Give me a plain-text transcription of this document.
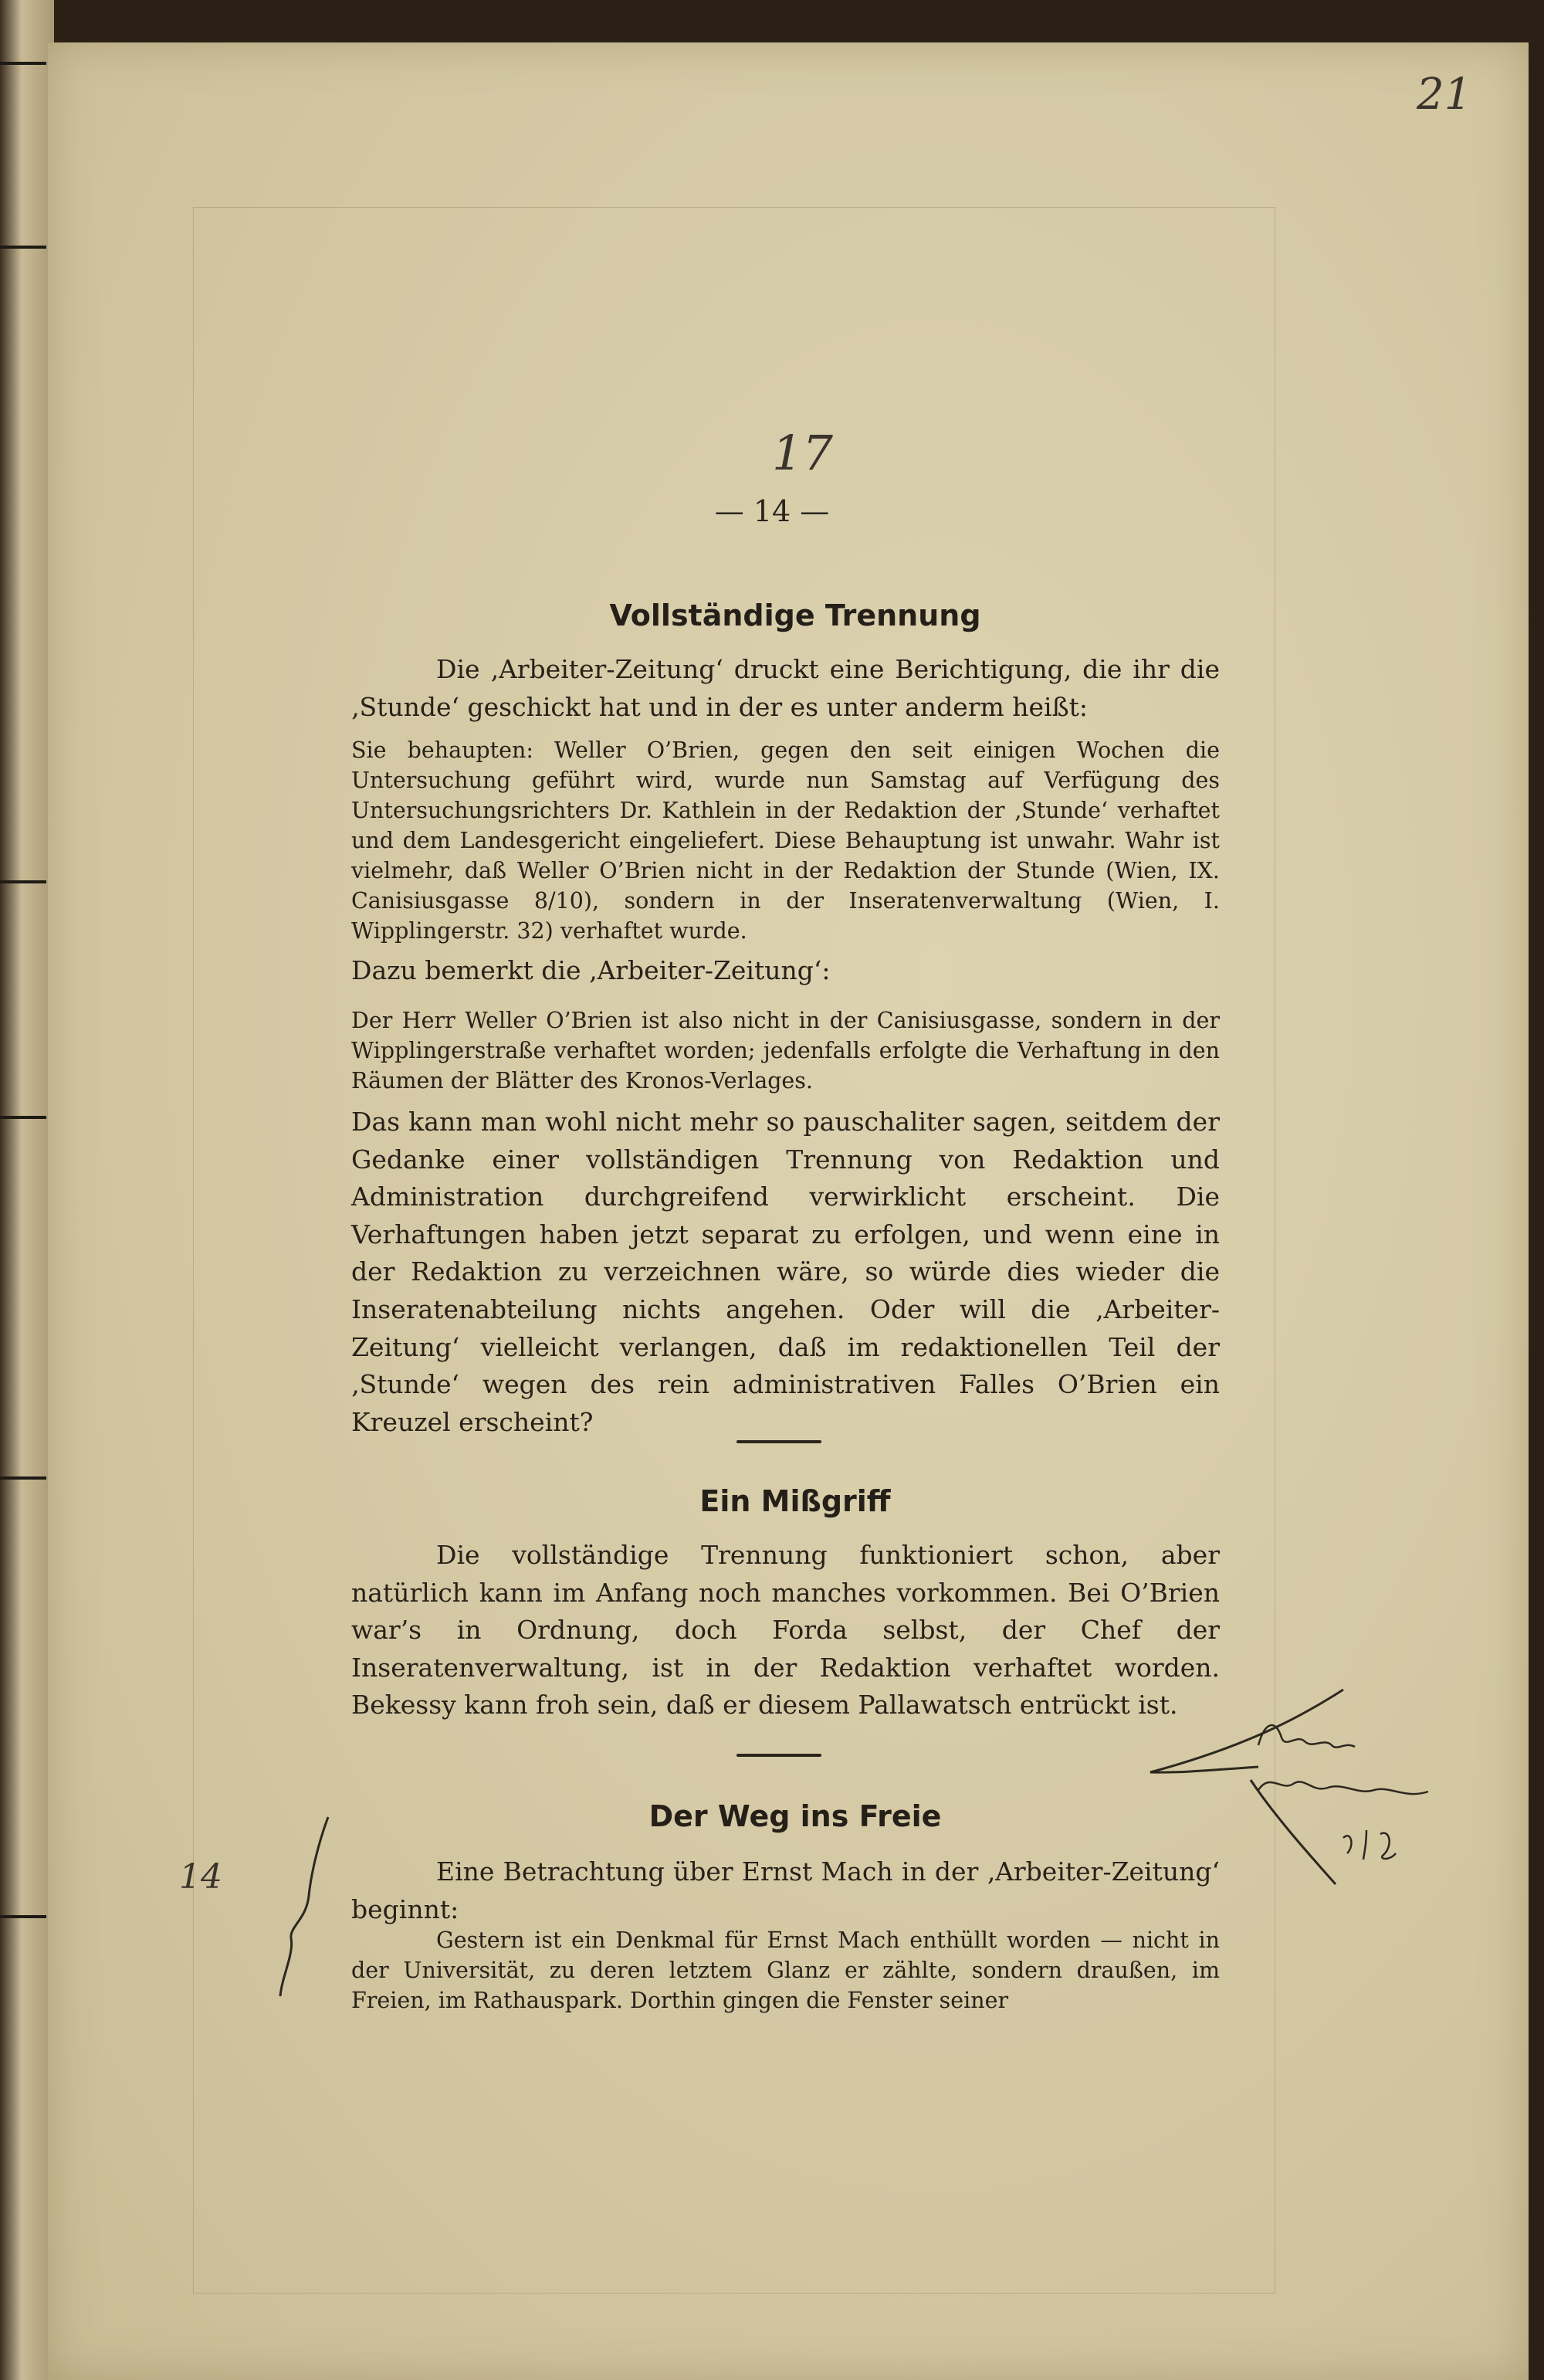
21
17
14
— 14 —
Vollständige Trennung

Die ‚Arbeiter-Zeitung‘ druckt eine Berichtigung, die ihr die ‚Stunde‘ geschickt hat und in der es unter anderm heißt:

Sie behaupten: Weller O’Brien, gegen den seit einigen Wochen die Untersuchung geführt wird, wurde nun Samstag auf Verfügung des Untersuchungsrichters Dr. Kathlein in der Redaktion der ‚Stunde‘ verhaftet und dem Landesgericht eingeliefert. Diese Behauptung ist unwahr. Wahr ist vielmehr, daß Weller O’Brien nicht in der Redaktion der Stunde (Wien, IX. Canisiusgasse 8/10), sondern in der Inseratenverwaltung (Wien, I. Wipplingerstr. 32) verhaftet wurde.

Dazu bemerkt die ‚Arbeiter-Zeitung‘:

Der Herr Weller O’Brien ist also nicht in der Canisiusgasse, sondern in der Wipplingerstraße verhaftet worden; jedenfalls erfolgte die Verhaftung in den Räumen der Blätter des Kronos-Verlages.

Das kann man wohl nicht mehr so pauschaliter sagen, seitdem der Gedanke einer vollständigen Trennung von Redaktion und Administration durchgreifend verwirklicht erscheint. Die Verhaftungen haben jetzt separat zu erfolgen, und wenn eine in der Redaktion zu verzeichnen wäre, so würde dies wieder die Inseratenabteilung nichts angehen. Oder will die ‚Arbeiter-Zeitung‘ vielleicht verlangen, daß im redaktionellen Teil der ‚Stunde‘ wegen des rein administrativen Falles O’Brien ein Kreuzel erscheint?

Ein Mißgriff

Die vollständige Trennung funktioniert schon, aber natürlich kann im Anfang noch manches vorkommen. Bei O’Brien war’s in Ordnung, doch Forda selbst, der Chef der Inseratenverwaltung, ist in der Redaktion verhaftet worden. Bekessy kann froh sein, daß er diesem Pallawatsch entrückt ist.

Der Weg ins Freie

Eine Betrachtung über Ernst Mach in der ‚Arbeiter-Zeitung‘ beginnt:

Gestern ist ein Denkmal für Ernst Mach enthüllt worden — nicht in der Universität, zu deren letztem Glanz er zählte, sondern draußen, im Freien, im Rathauspark. Dorthin gingen die Fenster seiner
